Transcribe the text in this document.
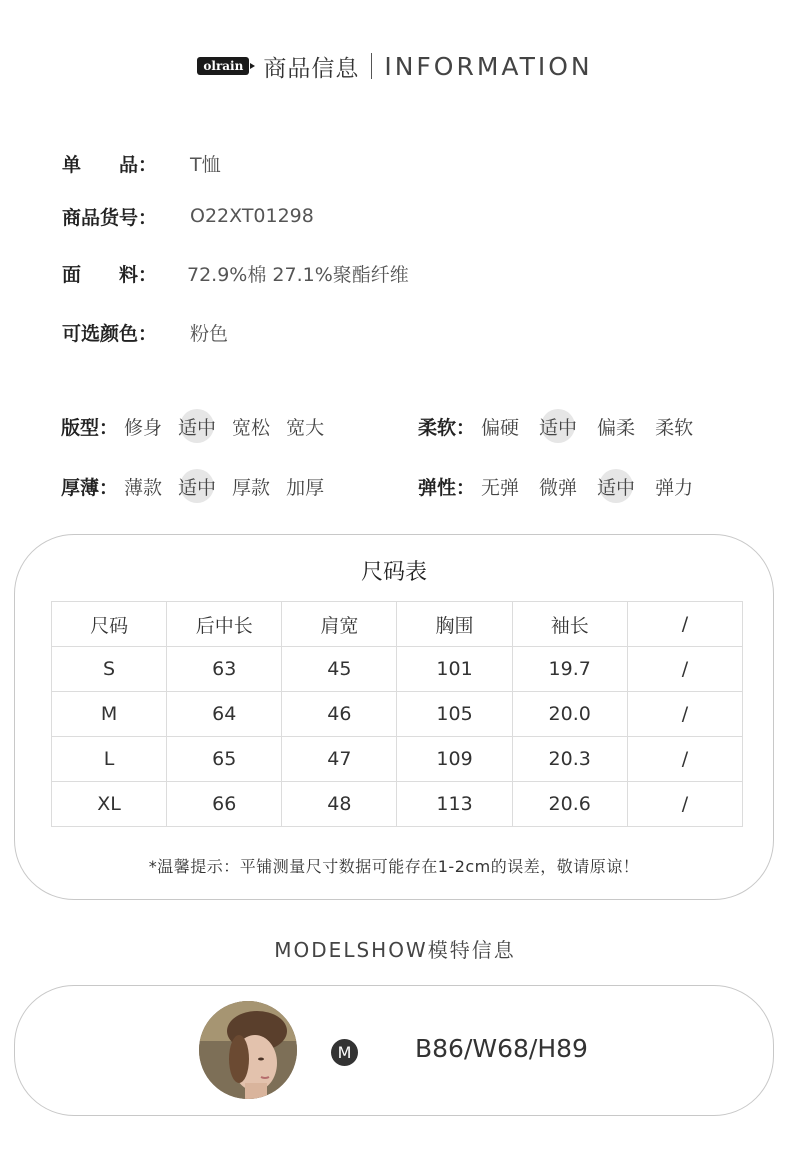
olrain 商品信息 INFORMATION
单　　品：	T恤
商品货号：	O22XT01298
面　　料：	72.9%棉 27.1%聚酯纤维
可选颜色：	粉色
版型： 修身 适中 宽松 宽大	柔软： 偏硬 适中 偏柔 柔软
厚薄： 薄款 适中 厚款 加厚	弹性： 无弹 微弹 适中 弹力
尺码表
尺码	后中长	肩宽	胸围	袖长	/
S	63	45	101	19.7	/
M	64	46	105	20.0	/
L	65	47	109	20.3	/
XL	66	48	113	20.6	/
*温馨提示：平铺测量尺寸数据可能存在1-2cm的误差，敬请原谅！
MODELSHOW模特信息
M	B86/W68/H89
